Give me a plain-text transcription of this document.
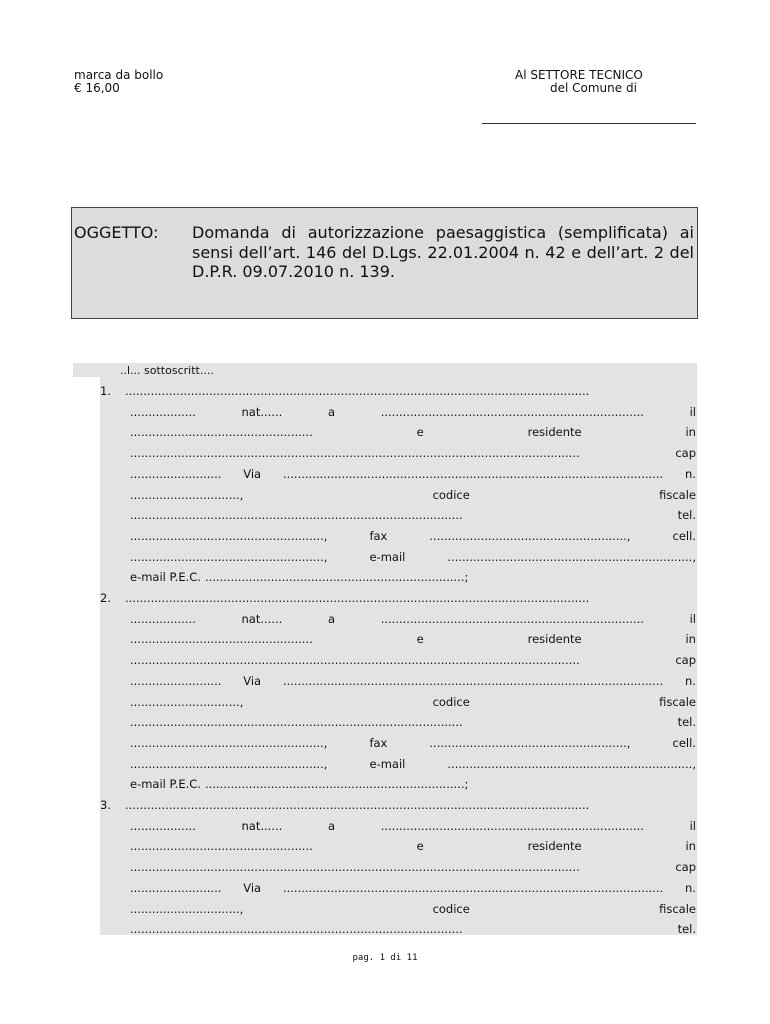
marca da bollo
€ 16,00
Al SETTORE TECNICO
del Comune di
OGGETTO: Domanda di autorizzazione paesaggistica (semplificata) ai sensi dell’art. 146 del D.Lgs. 22.01.2004 n. 42 e dell’art. 2 del D.P.R. 09.07.2010 n. 139.
..l... sottoscritt....
1. ...............................................................................................................................
..................	nat......	a	........................................................................	il
..................................................	e	residente	in
...........................................................................................................................	cap
......................... Via ........................................................................................................ n.
..............................,	codice	fiscale
...........................................................................................	tel.
.....................................................,	fax	......................................................,	cell.
.....................................................,	e-mail	...................................................................,
e-mail P.E.C. .......................................................................;
2. ...............................................................................................................................
..................	nat......	a	........................................................................	il
..................................................	e	residente	in
...........................................................................................................................	cap
......................... Via ........................................................................................................ n.
..............................,	codice	fiscale
...........................................................................................	tel.
.....................................................,	fax	......................................................,	cell.
.....................................................,	e-mail	...................................................................,
e-mail P.E.C. .......................................................................;
3. ...............................................................................................................................
..................	nat......	a	........................................................................	il
..................................................	e	residente	in
...........................................................................................................................	cap
......................... Via ........................................................................................................ n.
..............................,	codice	fiscale
...........................................................................................	tel.
pag. 1 di 11
